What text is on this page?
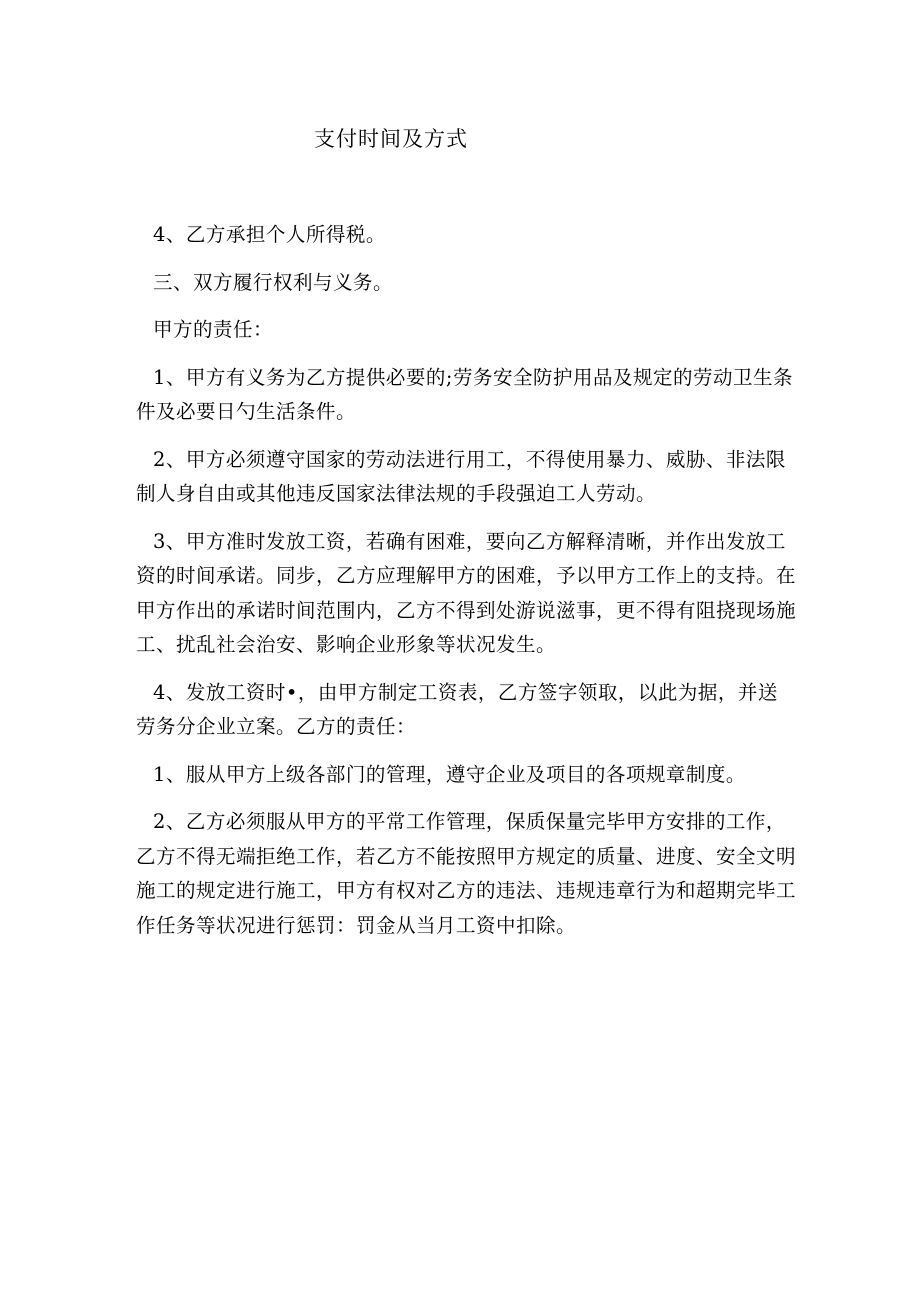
支付时间及方式

4、乙方承担个人所得税。

三、双方履行权利与义务。

甲方的责任：

1、甲方有义务为乙方提供必要的;劳务安全防护用品及规定的劳动卫生条件及必要日勺生活条件。

2、甲方必须遵守国家的劳动法进行用工，不得使用暴力、威胁、非法限制人身自由或其他违反国家法律法规的手段强迫工人劳动。

3、甲方准时发放工资，若确有困难，要向乙方解释清晰，并作出发放工资的时间承诺。同步，乙方应理解甲方的困难，予以甲方工作上的支持。在甲方作出的承诺时间范围内，乙方不得到处游说滋事，更不得有阻挠现场施工、扰乱社会治安、影响企业形象等状况发生。

4、发放工资时•，由甲方制定工资表，乙方签字领取，以此为据，并送劳务分企业立案。乙方的责任：

1、服从甲方上级各部门的管理，遵守企业及项目的各项规章制度。

2、乙方必须服从甲方的平常工作管理，保质保量完毕甲方安排的工作，乙方不得无端拒绝工作，若乙方不能按照甲方规定的质量、进度、安全文明施工的规定进行施工，甲方有权对乙方的违法、违规违章行为和超期完毕工作任务等状况进行惩罚：罚金从当月工资中扣除。
